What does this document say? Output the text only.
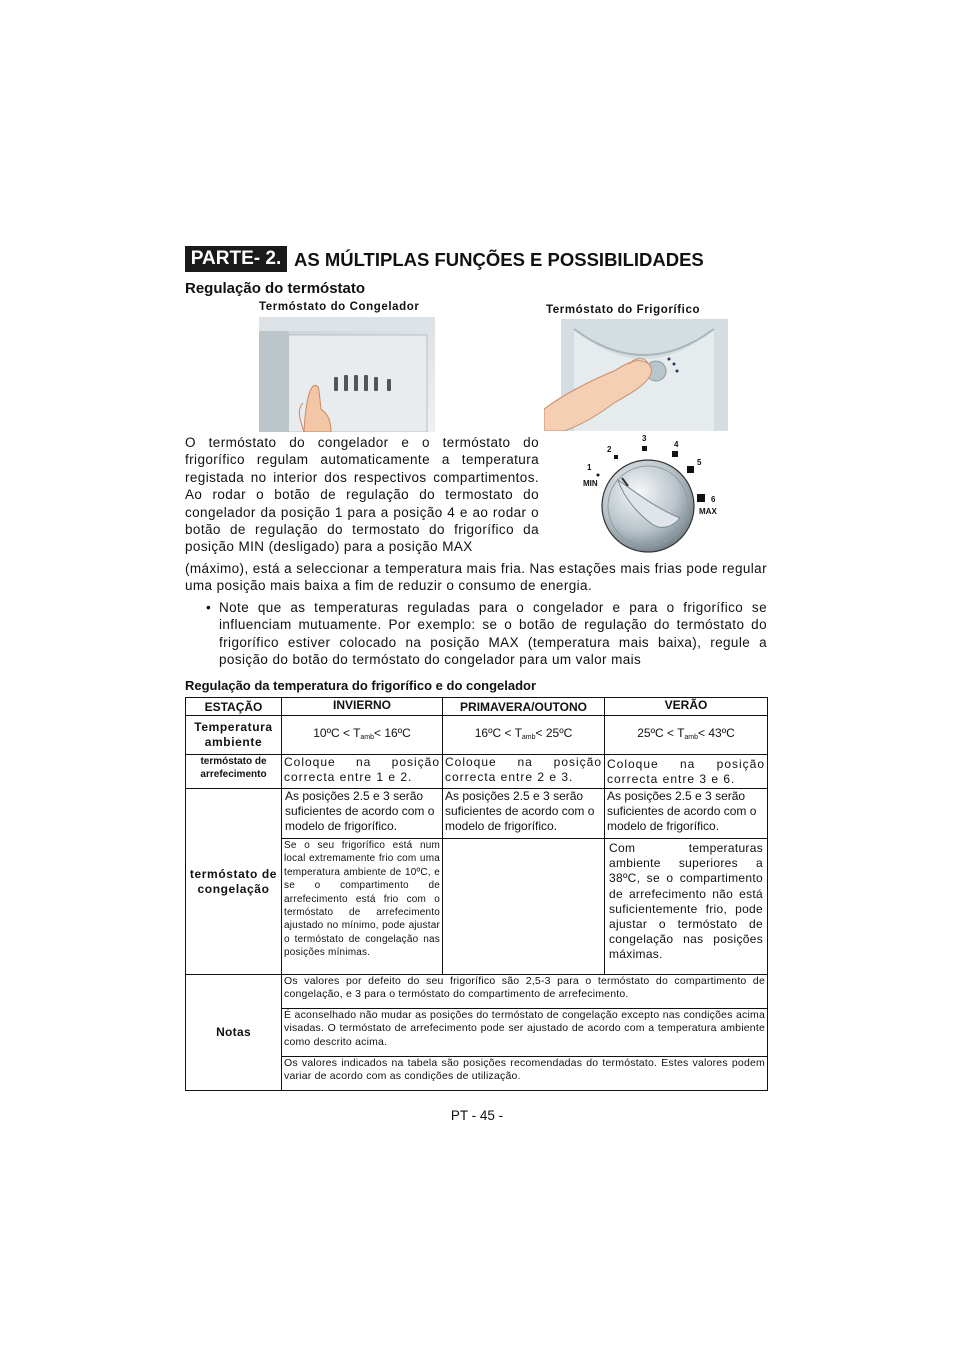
PARTE- 2. AS MÚLTIPLAS FUNÇÕES E POSSIBILIDADES
Regulação do termóstato
Termóstato do Congelador	Termóstato do Frigorífico
O termóstato do congelador e o termóstato do frigorífico regulam automaticamente a temperatura registada no interior dos respectivos compartimentos. Ao rodar o botão de regulação do termostato do congelador da posição 1 para a posição 4 e ao rodar o botão de regulação do termostato do frigorífico da posição MIN (desligado) para a posição MAX
1
2
3
4
5
6
MIN
MAX
(máximo), está a seleccionar a temperatura mais fria. Nas estações mais frias pode regular uma posição mais baixa a fim de reduzir o consumo de energia.
• Note que as temperaturas reguladas para o congelador e para o frigorífico se influenciam mutuamente. Por exemplo: se o botão de regulação do termóstato do frigorífico estiver colocado na posição MAX (temperatura mais baixa), regule a posição do botão do termóstato do congelador para um valor mais
Regulação da temperatura do frigorífico e do congelador
ESTAÇÃO	INVIERNO	PRIMAVERA/OUTONO	VERÃO
Temperatura ambiente	10ºC < $T_{amb}<$ 16ºC	16ºC < $T_{amb}<$ 25ºC	25ºC < $T_{amb}<$ 43ºC
termóstato de arrefecimento	Coloque na posição correcta entre 1 e 2.	Coloque na posição correcta entre 2 e 3.	Coloque na posição correcta entre 3 e 6.
termóstato de congelação	As posições 2.5 e 3 serão suficientes de acordo com o modelo de frigorífico.	As posições 2.5 e 3 serão suficientes de acordo com o modelo de frigorífico.	As posições 2.5 e 3 serão suficientes de acordo com o modelo de frigorífico.
	Se o seu frigorífico está num local extremamente frio com uma temperatura ambiente de 10ºC, e se o compartimento de arrefecimento está frio com o termóstato de arrefecimento ajustado no mínimo, pode ajustar o termóstato de congelação nas posições mínimas.		Com temperaturas ambiente superiores a 38ºC, se o compartimento de arrefecimento não está suficientemente frio, pode ajustar o termóstato de congelação nas posições máximas.
Notas	Os valores por defeito do seu frigorífico são 2,5-3 para o termóstato do compartimento de congelação, e 3 para o termóstato do compartimento de arrefecimento.		
	É aconselhado não mudar as posições do termóstato de congelação excepto nas condições acima visadas. O termóstato de arrefecimento pode ser ajustado de acordo com a temperatura ambiente como descrito acima.		
	Os valores indicados na tabela são posições recomendadas do termóstato. Estes valores podem variar de acordo com as condições de utilização.		
PT - 45 -
